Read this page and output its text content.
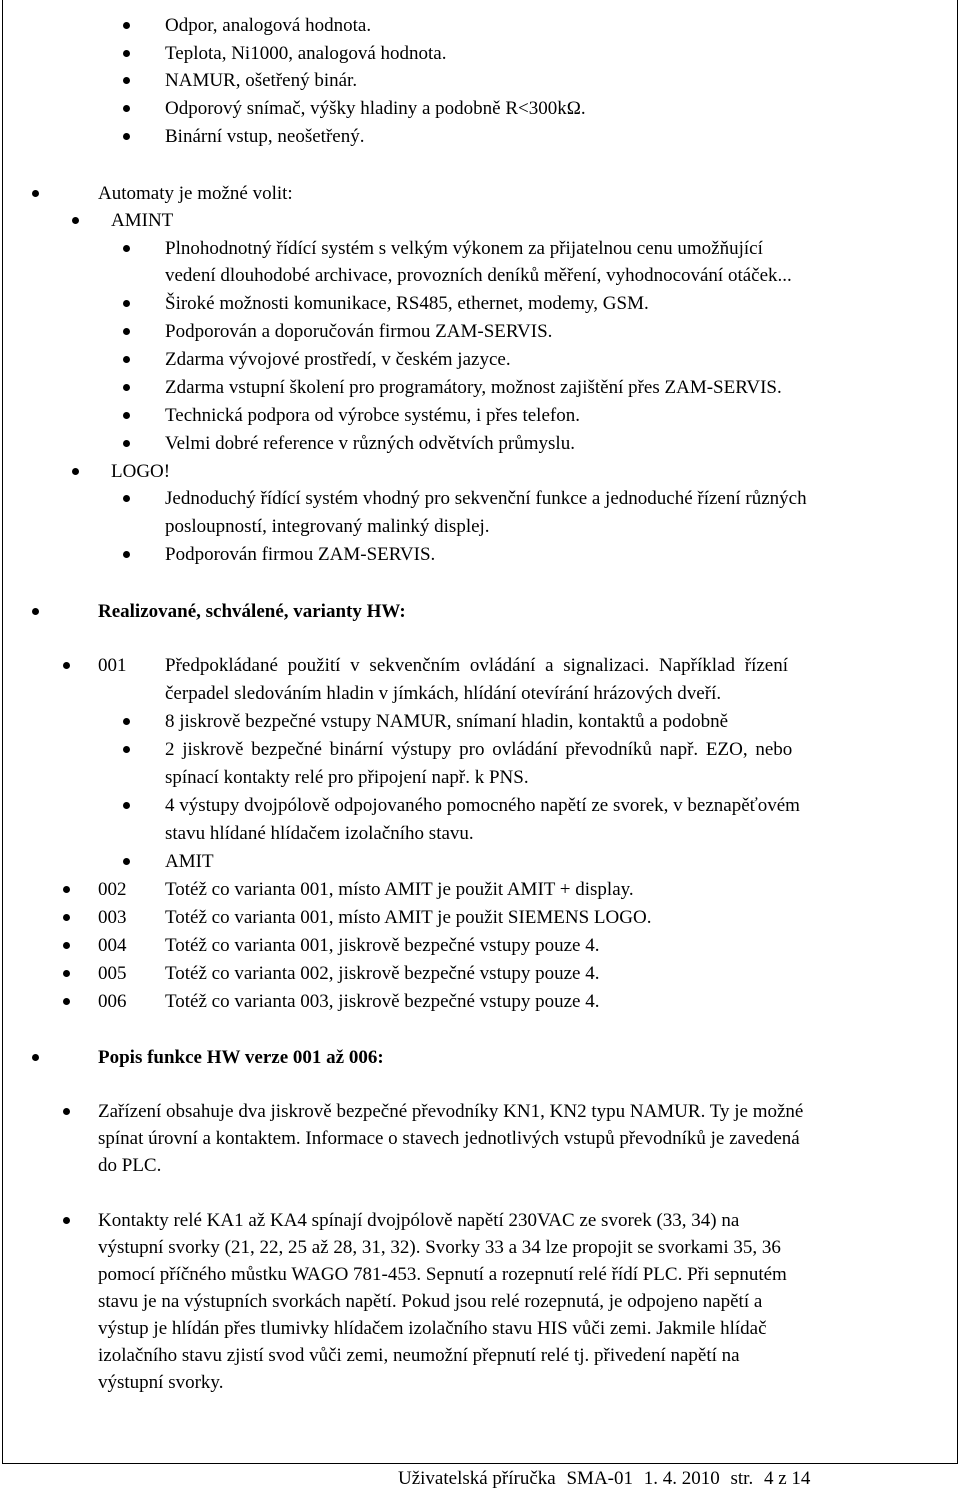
Odpor, analogová hodnota.
Teplota, Ni1000, analogová hodnota.
NAMUR, ošetřený binár.
Odporový snímač, výšky hladiny a podobně R<300kΩ.
Binární vstup, neošetřený.
Automaty je možné volit:
AMINT
Plnohodnotný řídící systém s velkým výkonem za přijatelnou cenu umožňující
vedení dlouhodobé archivace, provozních deníků měření, vyhodnocování otáček...
Široké možnosti komunikace, RS485, ethernet, modemy, GSM.
Podporován a doporučován firmou ZAM-SERVIS.
Zdarma vývojové prostředí, v českém jazyce.
Zdarma vstupní školení pro programátory, možnost zajištění přes ZAM-SERVIS.
Technická podpora od výrobce systému, i přes telefon.
Velmi dobré reference v různých odvětvích průmyslu.
LOGO!
Jednoduchý řídící systém vhodný pro sekvenční funkce a jednoduché řízení různých
posloupností, integrovaný malinký displej.
Podporován firmou ZAM-SERVIS.
Realizované, schválené, varianty HW:
001 Předpokládané použití v sekvenčním ovládání a signalizaci. Například řízení
čerpadel sledováním hladin v jímkách, hlídání otevírání hrázových dveří.
8 jiskrově bezpečné vstupy NAMUR, snímaní hladin, kontaktů a podobně
2 jiskrově bezpečné binární výstupy pro ovládání převodníků např. EZO, nebo
spínací kontakty relé pro připojení např. k PNS.
4 výstupy dvojpólově odpojovaného pomocného napětí ze svorek, v beznapěťovém
stavu hlídané hlídačem izolačního stavu.
AMIT
002 Totéž co varianta 001, místo AMIT je použit AMIT + display.
003 Totéž co varianta 001, místo AMIT je použit SIEMENS LOGO.
004 Totéž co varianta 001, jiskrově bezpečné vstupy pouze 4.
005 Totéž co varianta 002, jiskrově bezpečné vstupy pouze 4.
006 Totéž co varianta 003, jiskrově bezpečné vstupy pouze 4.
Popis funkce HW verze 001 až 006:
Zařízení obsahuje dva jiskrově bezpečné převodníky KN1, KN2 typu NAMUR. Ty je možné
spínat úrovní a kontaktem. Informace o stavech jednotlivých vstupů převodníků je zavedená
do PLC.
Kontakty relé KA1 až KA4 spínají dvojpólově napětí 230VAC ze svorek (33, 34) na
výstupní svorky (21, 22, 25 až 28, 31, 32). Svorky 33 a 34 lze propojit se svorkami 35, 36
pomocí příčného můstku WAGO 781-453. Sepnutí a rozepnutí relé řídí PLC. Při sepnutém
stavu je na výstupních svorkách napětí. Pokud jsou relé rozepnutá, je odpojeno napětí a
výstup je hlídán přes tlumivky hlídačem izolačního stavu HIS vůči zemi. Jakmile hlídač
izolačního stavu zjistí svod vůči zemi, neumožní přepnutí relé tj. přivedení napětí na
výstupní svorky.
Uživatelská příručka SMA-01 1. 4. 2010 str. 4 z 14
